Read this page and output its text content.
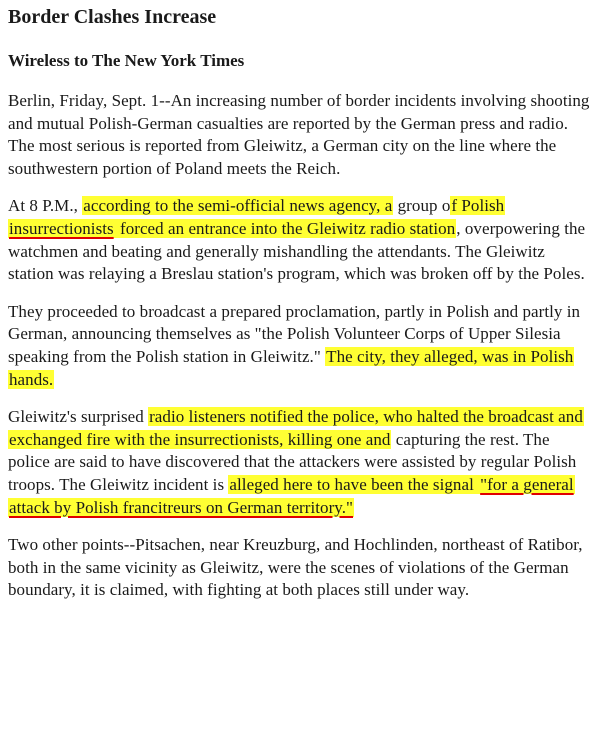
Border Clashes Increase
Wireless to The New York Times

Berlin, Friday, Sept. 1--An increasing number of border incidents involving shooting and mutual Polish-German casualties are reported by the German press and radio. The most serious is reported from Gleiwitz, a German city on the line where the southwestern portion of Poland meets the Reich.

At 8 P.M., according to the semi-official news agency, a group of Polish insurrectionists forced an entrance into the Gleiwitz radio station, overpowering the watchmen and beating and generally mishandling the attendants. The Gleiwitz station was relaying a Breslau station's program, which was broken off by the Poles.

They proceeded to broadcast a prepared proclamation, partly in Polish and partly in German, announcing themselves as "the Polish Volunteer Corps of Upper Silesia speaking from the Polish station in Gleiwitz." The city, they alleged, was in Polish hands.

Gleiwitz's surprised radio listeners notified the police, who halted the broadcast and exchanged fire with the insurrectionists, killing one and capturing the rest. The police are said to have discovered that the attackers were assisted by regular Polish troops. The Gleiwitz incident is alleged here to have been the signal "for a general attack by Polish francitreurs on German territory."

Two other points--Pitsachen, near Kreuzburg, and Hochlinden, northeast of Ratibor, both in the same vicinity as Gleiwitz, were the scenes of violations of the German boundary, it is claimed, with fighting at both places still under way.
